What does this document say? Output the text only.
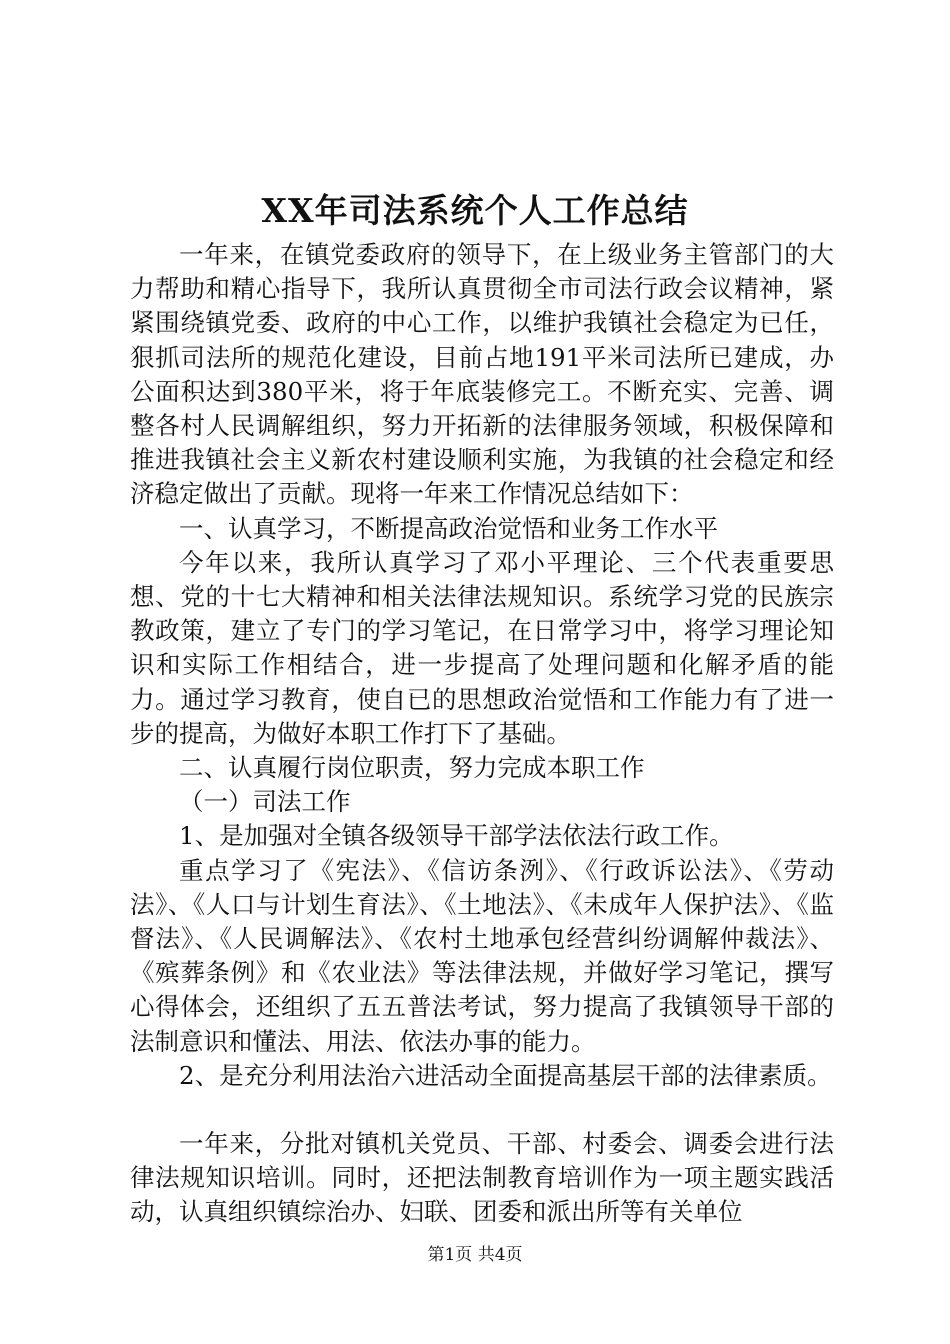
XX年司法系统个人工作总结

一年来，在镇党委政府的领导下，在上级业务主管部门的大力帮助和精心指导下，我所认真贯彻全市司法行政会议精神，紧紧围绕镇党委、政府的中心工作，以维护我镇社会稳定为已任，狠抓司法所的规范化建设，目前占地191平米司法所已建成，办公面积达到380平米，将于年底装修完工。不断充实、完善、调整各村人民调解组织，努力开拓新的法律服务领域，积极保障和推进我镇社会主义新农村建设顺利实施，为我镇的社会稳定和经济稳定做出了贡献。现将一年来工作情况总结如下：

一、认真学习，不断提高政治觉悟和业务工作水平

今年以来，我所认真学习了邓小平理论、三个代表重要思想、党的十七大精神和相关法律法规知识。系统学习党的民族宗教政策，建立了专门的学习笔记，在日常学习中，将学习理论知识和实际工作相结合，进一步提高了处理问题和化解矛盾的能力。通过学习教育，使自已的思想政治觉悟和工作能力有了进一步的提高，为做好本职工作打下了基础。

二、认真履行岗位职责，努力完成本职工作

（一）司法工作

1、是加强对全镇各级领导干部学法依法行政工作。

重点学习了《宪法》、《信访条洌》、《行政诉讼法》、《劳动法》、《人口与计划生育法》、《土地法》、《未成年人保护法》、《监督法》、《人民调解法》、《农村土地承包经营纠纷调解仲裁法》、《殡葬条例》和《农业法》等法律法规，并做好学习笔记，撰写心得体会，还组织了五五普法考试，努力提高了我镇领导干部的法制意识和懂法、用法、依法办事的能力。

2、是充分利用法治六进活动全面提高基层干部的法律素质。

一年来，分批对镇机关党员、干部、村委会、调委会进行法律法规知识培训。同时，还把法制教育培训作为一项主题实践活动，认真组织镇综治办、妇联、团委和派出所等有关单位

第1页 共4页
